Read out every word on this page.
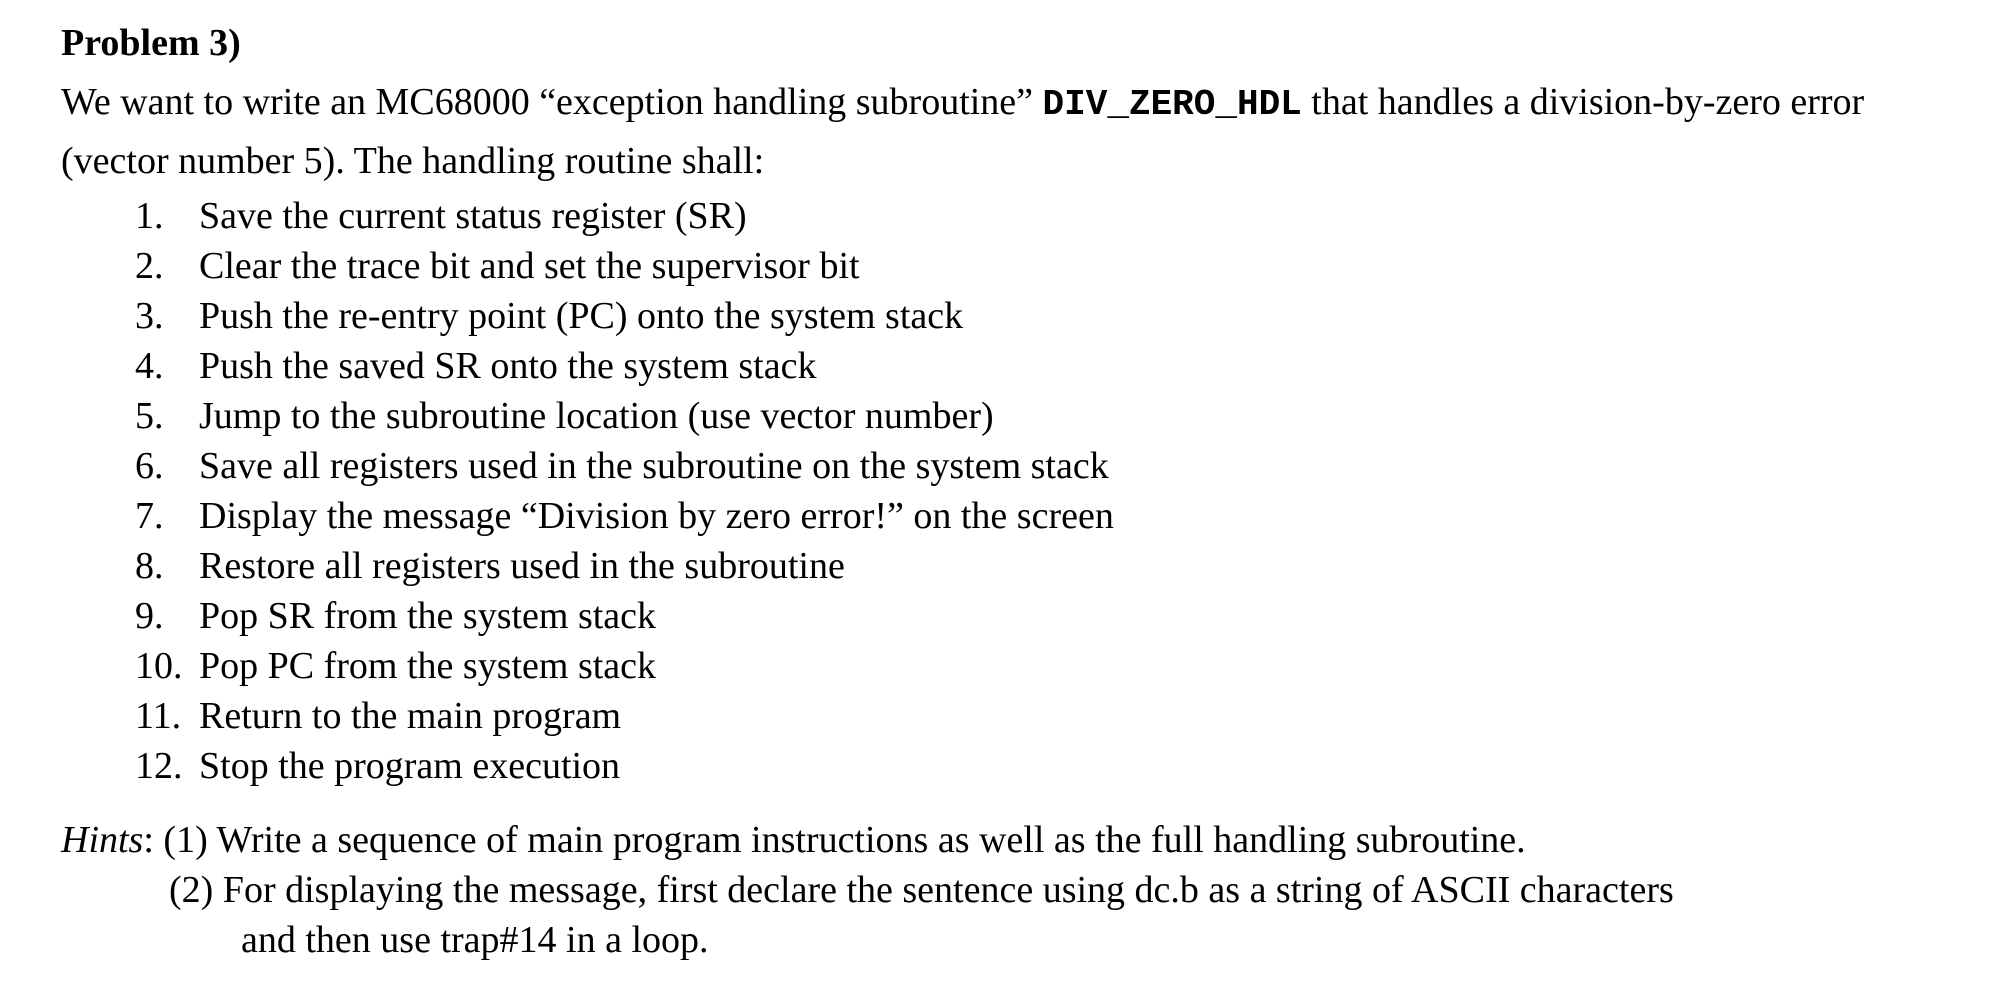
Problem 3)

We want to write an MC68000 “exception handling subroutine” DIV_ZERO_HDL that handles a division-by-zero error (vector number 5). The handling routine shall:

1. Save the current status register (SR)
2. Clear the trace bit and set the supervisor bit
3. Push the re-entry point (PC) onto the system stack
4. Push the saved SR onto the system stack
5. Jump to the subroutine location (use vector number)
6. Save all registers used in the subroutine on the system stack
7. Display the message “Division by zero error!” on the screen
8. Restore all registers used in the subroutine
9. Pop SR from the system stack
10. Pop PC from the system stack
11. Return to the main program
12. Stop the program execution
Hints: (1) Write a sequence of main program instructions as well as the full handling subroutine.
(2) For displaying the message, first declare the sentence using dc.b as a string of ASCII characters
and then use trap#14 in a loop.
